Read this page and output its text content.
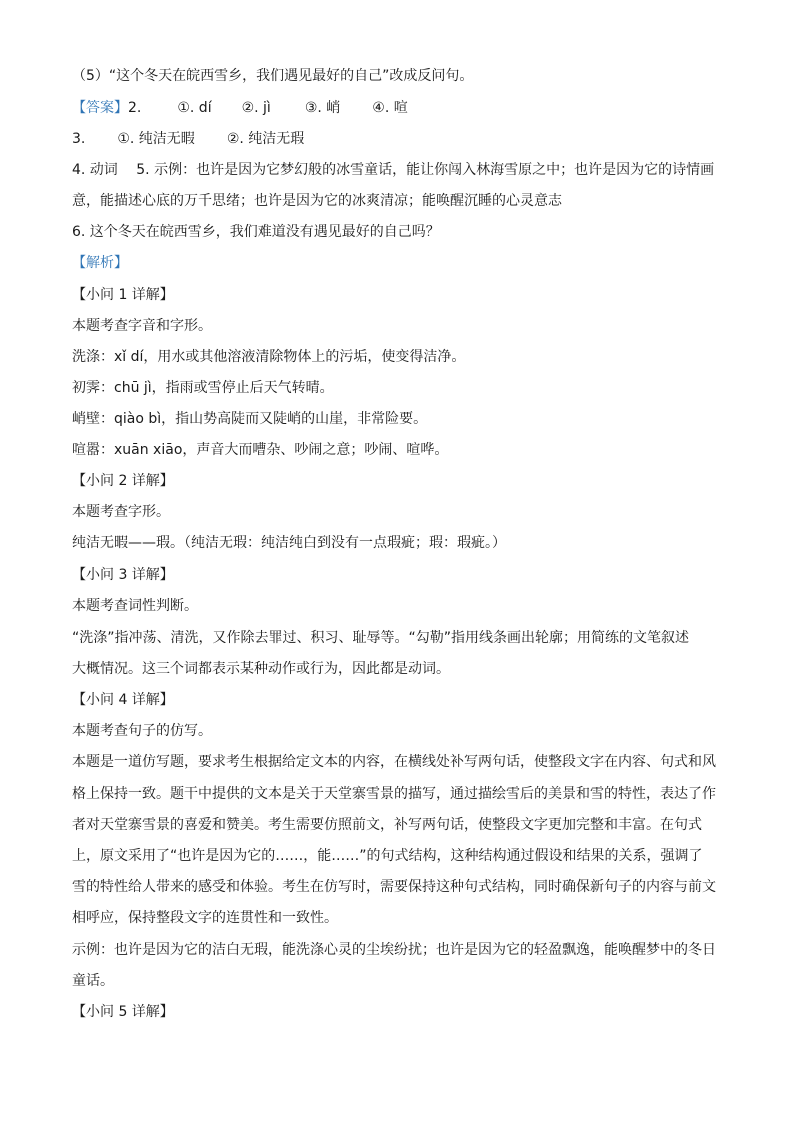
（5）“这个冬天在皖西雪乡，我们遇见最好的自己”改成反问句。
【答案】2.	①. dí ②. jì ③. 峭 ④. 喧
3. ①. 纯洁无暇 ②. 纯洁无瑕
4. 动词　 5. 示例：也许是因为它梦幻般的冰雪童话，能让你闯入林海雪原之中；也许是因为它的诗情画
意，能描述心底的万千思绪；也许是因为它的冰爽清凉；能唤醒沉睡的心灵意志
6. 这个冬天在皖西雪乡，我们难道没有遇见最好的自己吗？
【解析】
【小问 1 详解】
本题考查字音和字形。
洗涤：xǐ dí，用水或其他溶液清除物体上的污垢，使变得洁净。
初霁：chū jì，指雨或雪停止后天气转晴。
峭壁：qiào bì，指山势高陡而又陡峭的山崖，非常险要。
喧嚣：xuān xiāo，声音大而嘈杂、吵闹之意；吵闹、喧哗。
【小问 2 详解】
本题考查字形。
纯洁无暇——瑕。（纯洁无瑕：纯洁纯白到没有一点瑕疵；瑕：瑕疵。）
【小问 3 详解】
本题考查词性判断。
“洗涤”指冲荡、清洗，又作除去罪过、积习、耻辱等。“勾勒”指用线条画出轮廓；用简练的文笔叙述
大概情况。这三个词都表示某种动作或行为，因此都是动词。
【小问 4 详解】
本题考查句子的仿写。
本题是一道仿写题，要求考生根据给定文本的内容，在横线处补写两句话，使整段文字在内容、句式和风
格上保持一致。题干中提供的文本是关于天堂寨雪景的描写，通过描绘雪后的美景和雪的特性，表达了作
者对天堂寨雪景的喜爱和赞美。考生需要仿照前文，补写两句话，使整段文字更加完整和丰富。在句式
上，原文采用了“也许是因为它的……，能……”的句式结构，这种结构通过假设和结果的关系，强调了
雪的特性给人带来的感受和体验。考生在仿写时，需要保持这种句式结构，同时确保新句子的内容与前文
相呼应，保持整段文字的连贯性和一致性。
示例：也许是因为它的洁白无瑕，能洗涤心灵的尘埃纷扰；也许是因为它的轻盈飘逸，能唤醒梦中的冬日
童话。
【小问 5 详解】
